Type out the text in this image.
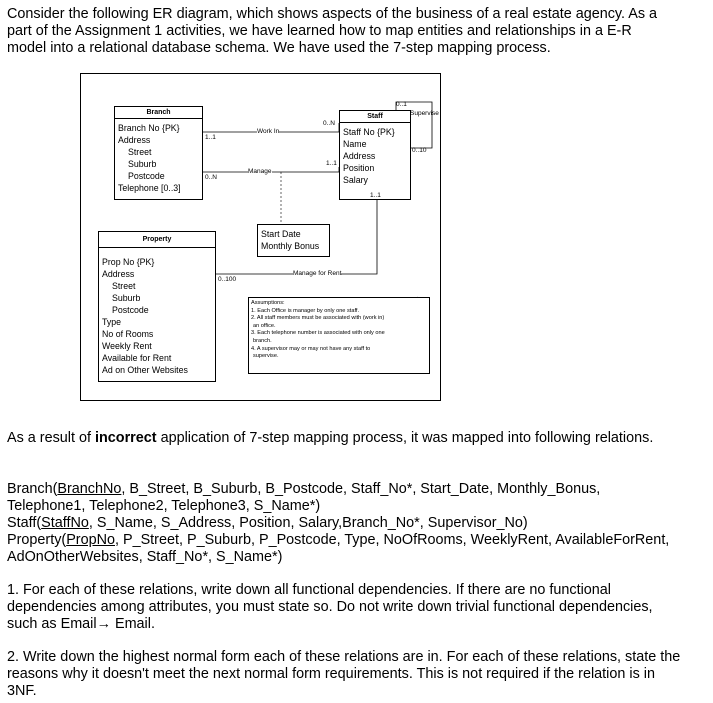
Consider the following ER diagram, which shows aspects of the business of a real estate agency. As a
part of the Assignment 1 activities, we have learned how to map entities and relationships in a E-R
model into a relational database schema. We have used the 7-step mapping process.

Branch
Branch No {PK}
Address
Street
Suburb
Postcode
Telephone [0..3]
Staff
Staff No {PK}
Name
Address
Position
Salary
Property
Prop No {PK}
Address
Street
Suburb
Postcode
Type
No of Rooms
Weekly Rent
Available for Rent
Ad on Other Websites
Start Date
Monthly Bonus
Assumptions:
1. Each Office is manager by only one staff.
2. All staff members must be associated with (work in)
an office.
3. Each telephone number is associated with only one
branch.
4. A supervisor may or may not have any staff to
supervise.
Work In
Manage
Manage for Rent
Supervise
1..1
0..N
0..N
1..1
0..1
0..10
1..1
0..100

As a result of incorrect application of 7-step mapping process, it was mapped into following relations.

Branch(BranchNo, B_Street, B_Suburb, B_Postcode, Staff_No*, Start_Date, Monthly_Bonus,
Telephone1, Telephone2, Telephone3, S_Name*)
Staff(StaffNo, S_Name, S_Address, Position, Salary,Branch_No*, Supervisor_No)
Property(PropNo, P_Street, P_Suburb, P_Postcode, Type, NoOfRooms, WeeklyRent, AvailableForRent,
AdOnOtherWebsites, Staff_No*, S_Name*)

1. For each of these relations, write down all functional dependencies. If there are no functional
dependencies among attributes, you must state so. Do not write down trivial functional dependencies,
such as Email→ Email.

2. Write down the highest normal form each of these relations are in. For each of these relations, state the
reasons why it doesn't meet the next normal form requirements. This is not required if the relation is in
3NF.
